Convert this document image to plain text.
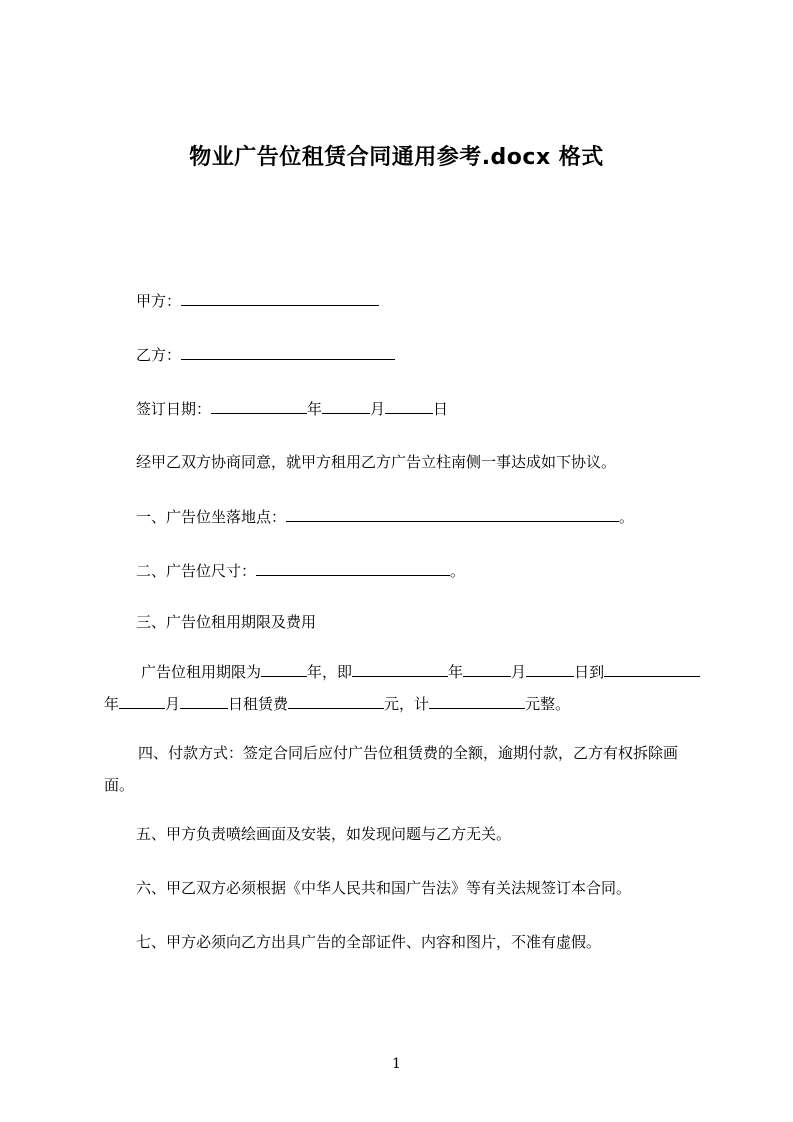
物业广告位租赁合同通用参考.docx 格式
甲方：
乙方：
签订日期：	年	月	日
经甲乙双方协商同意，就甲方租用乙方广告立柱南侧一事达成如下协议。
一、广告位坐落地点：	。
二、广告位尺寸：	。
三、广告位租用期限及费用
广告位租用期限为	年，即	年	月	日到年	月	日租赁费	元，计	元整。
四、付款方式：签定合同后应付广告位租赁费的全额，逾期付款，乙方有权拆除画面。
五、甲方负责喷绘画面及安装，如发现问题与乙方无关。
六、甲乙双方必须根据《中华人民共和国广告法》等有关法规签订本合同。
七、甲方必须向乙方出具广告的全部证件、内容和图片，不准有虚假。
1
